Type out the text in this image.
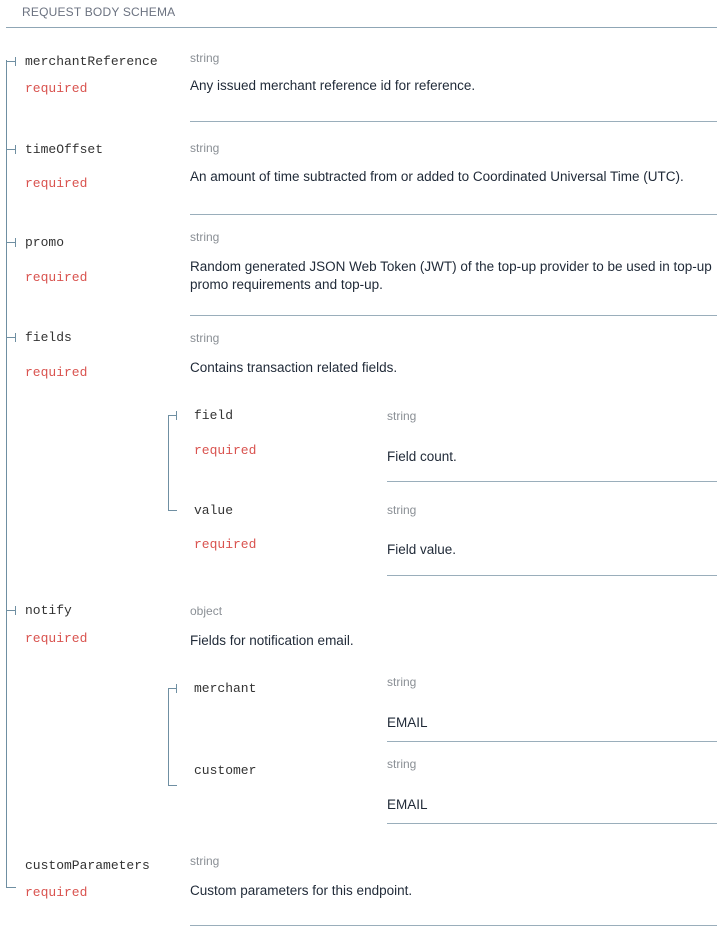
REQUEST BODY SCHEMA
merchantReference
required
string
Any issued merchant reference id for reference.
timeOffset
required
string
An amount of time subtracted from or added to Coordinated Universal Time (UTC).
promo
required
string
Random generated JSON Web Token (JWT) of the top-up provider to be used in top-up
promo requirements and top-up.
fields
required
string
Contains transaction related fields.
field
required
string
Field count.
value
required
string
Field value.
notify
required
object
Fields for notification email.
merchant	string
EMAIL
customer	string
EMAIL
customParameters
required
string
Custom parameters for this endpoint.
